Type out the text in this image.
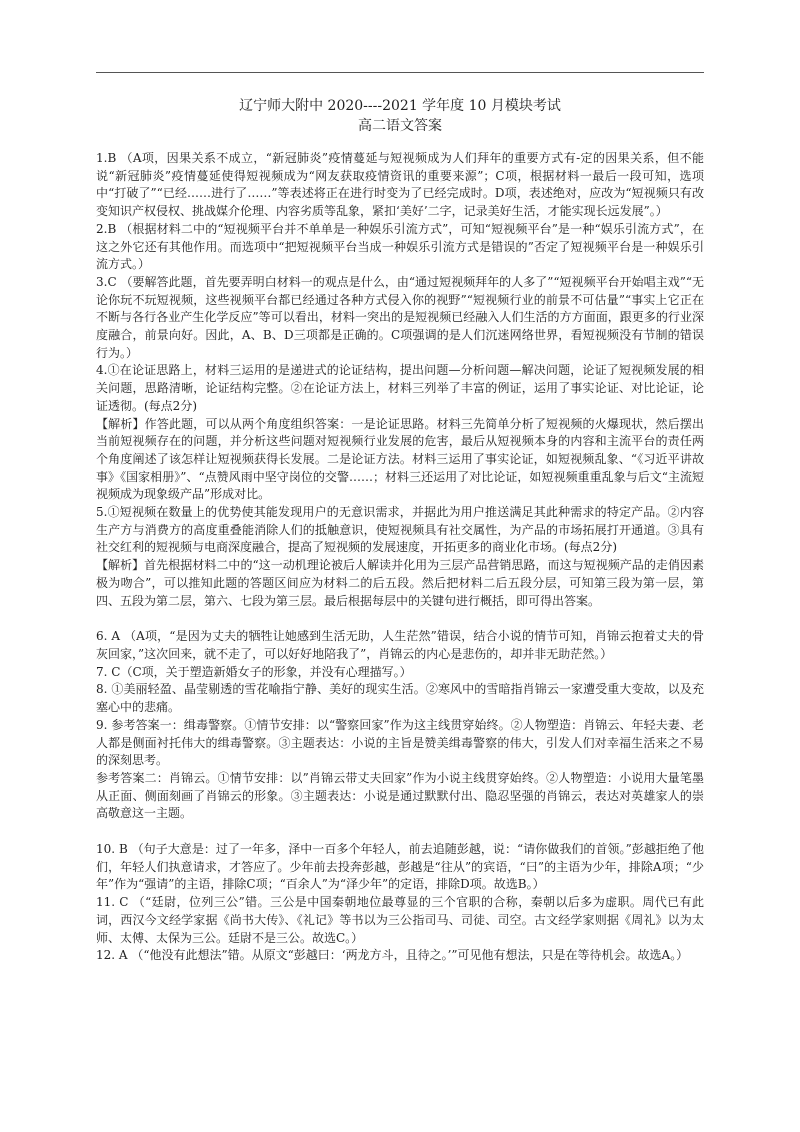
辽宁师大附中 2020----2021 学年度 10 月模块考试
高二语文答案

1.B （A项，因果关系不成立，“新冠肺炎”疫情蔓延与短视频成为人们拜年的重要方式有-定的因果关系，但不能说“新冠肺炎”疫情蔓延使得短视频成为“网友获取疫情资讯的重要来源”；C项，根据材料一最后一段可知，选项中“打破了”“已经……进行了……”等表述将正在进行时变为了已经完成时。D项，表述绝对，应改为“短视频只有改变知识产权侵权、挑战媒介伦理、内容劣质等乱象，紧扣‘美好’二字，记录美好生活，才能实现长远发展”。）

2.B （根据材料二中的“短视频平台并不单单是一种娱乐引流方式”，可知“短视频平台”是一种“娱乐引流方式”，在这之外它还有其他作用。而选项中“把短视频平台当成一种娱乐引流方式是错误的”否定了短视频平台是一种娱乐引流方式。）

3.C （要解答此题，首先要弄明白材料一的观点是什么，由“通过短视频拜年的人多了”“短视频平台开始唱主戏”“无论你玩不玩短视频，这些视频平台都已经通过各种方式侵入你的视野”“短视频行业的前景不可估量”“事实上它正在不断与各行各业产生化学反应”等可以看出，材料一突出的是短视频已经融入人们生活的方方面面，跟更多的行业深度融合，前景向好。因此，A、B、D三项都是正确的。C项强调的是人们沉迷网络世界，看短视频没有节制的错误行为。）

4.①在论证思路上，材料三运用的是递进式的论证结构，提出问题—分析问题—解决问题，论证了短视频发展的相关问题，思路清晰，论证结构完整。②在论证方法上，材料三列举了丰富的例证，运用了事实论证、对比论证，论证透彻。(每点2分)

【解析】作答此题，可以从两个角度组织答案：一是论证思路。材料三先简单分析了短视频的火爆现状，然后摆出当前短视频存在的问题，并分析这些问题对短视频行业发展的危害，最后从短视频本身的内容和主流平台的责任两个角度阐述了该怎样让短视频获得长发展。二是论证方法。材料三运用了事实论证，如短视频乱象、“《习近平讲故事》《国家相册》”、“点赞风雨中坚守岗位的交警……；材料三还运用了对比论证，如短视频重重乱象与后文“主流短视频成为现象级产品”形成对比。

5.①短视频在数量上的优势使其能发现用户的无意识需求，并据此为用户推送满足其此种需求的特定产品。②内容生产方与消费方的高度重叠能消除人们的抵触意识，使短视频具有社交属性，为产品的市场拓展打开通道。③具有社交红利的短视频与电商深度融合，提高了短视频的发展速度，开拓更多的商业化市场。(每点2分)

【解析】首先根据材料二中的“这一动机理论被后人解读并化用为三层产品营销思路，而这与短视频产品的走俏因素极为吻合”，可以推知此题的答题区间应为材料二的后五段。然后把材料二后五段分层，可知第三段为第一层，第四、五段为第二层，第六、七段为第三层。最后根据每层中的关键句进行概括，即可得出答案。

6. A （A项，“是因为丈夫的牺牲让她感到生活无助，人生茫然”错误，结合小说的情节可知，肖锦云抱着丈夫的骨灰回家，”这次回来，就不走了，可以好好地陪我了”，肖锦云的内心是悲伤的，却并非无助茫然。）

7. C（C项，关于塑造新婚女子的形象，并没有心理描写。）

8. ①美丽轻盈、晶莹剔透的雪花喻指宁静、美好的现实生活。②寒风中的雪暗指肖锦云一家遭受重大变故，以及充塞心中的悲痛。

9. 参考答案一：缉毒警察。①情节安排：以“警察回家”作为这主线贯穿始终。②人物塑造：肖锦云、年轻夫妻、老人都是侧面衬托伟大的缉毒警察。③主题表达：小说的主旨是赞美缉毒警察的伟大，引发人们对幸福生活来之不易的深刻思考。

参考答案二：肖锦云。①情节安排：以”肖锦云带丈夫回家”作为小说主线贯穿始终。②人物塑造：小说用大量笔墨从正面、侧面刻画了肖锦云的形象。③主题表达：小说是通过默默付出、隐忍坚强的肖锦云，表达对英雄家人的崇高敬意这一主题。

10. B （句子大意是：过了一年多，泽中一百多个年轻人，前去追随彭越，说：“请你做我们的首领。”彭越拒绝了他们，年轻人们执意请求，才答应了。少年前去投奔彭越，彭越是“往从”的宾语，“曰”的主语为少年，排除A项；“少年”作为“强请”的主语，排除C项；“百余人”为“泽少年”的定语，排除D项。故选B。）

11. C （“廷尉，位列三公”错。三公是中国秦朝地位最尊显的三个官职的合称，秦朝以后多为虚职。周代已有此词，西汉今文经学家据《尚书大传》、《礼记》等书以为三公指司马、司徒、司空。古文经学家则据《周礼》以为太师、太傅、太保为三公。廷尉不是三公。故选C。）

12. A （“他没有此想法”错。从原文“彭越曰：‘两龙方斗，且待之。’”可见他有想法，只是在等待机会。故选A。）
